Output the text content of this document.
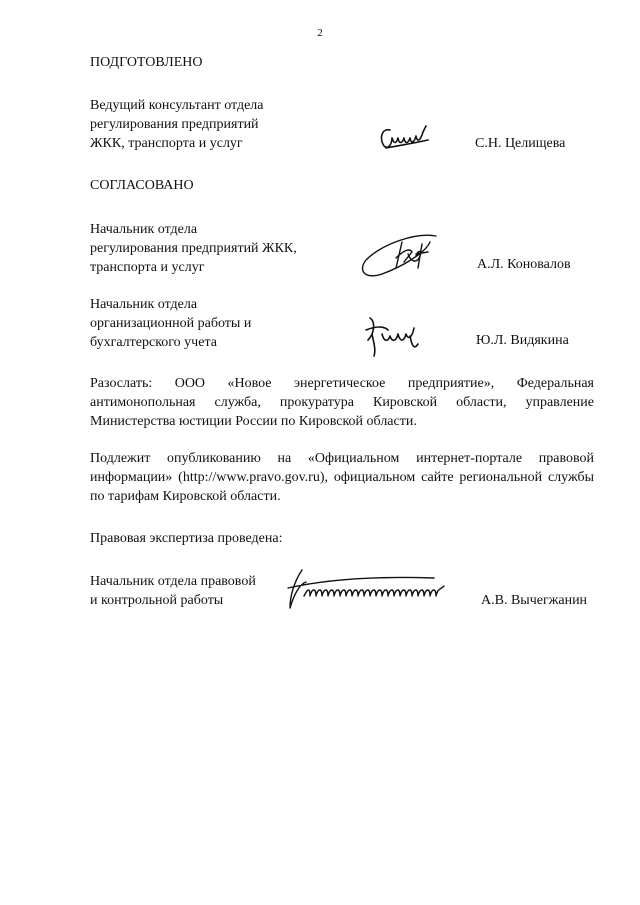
2
ПОДГОТОВЛЕНО
Ведущий консультант отдела
регулирования предприятий
ЖКК, транспорта и услуг	С.Н. Целищева
СОГЛАСОВАНО
Начальник отдела
регулирования предприятий ЖКК,
транспорта и услуг	А.Л. Коновалов
Начальник отдела
организационной работы и
бухгалтерского учета	Ю.Л. Видякина
Разослать: ООО «Новое энергетическое предприятие», Федеральная антимонопольная служба, прокуратура Кировской области, управление Министерства юстиции России по Кировской области.
Подлежит опубликованию на «Официальном интернет-портале правовой информации» (http://www.pravo.gov.ru), официальном сайте региональной службы по тарифам Кировской области.
Правовая экспертиза проведена:
Начальник отдела правовой
и контрольной работы	А.В. Вычегжанин
